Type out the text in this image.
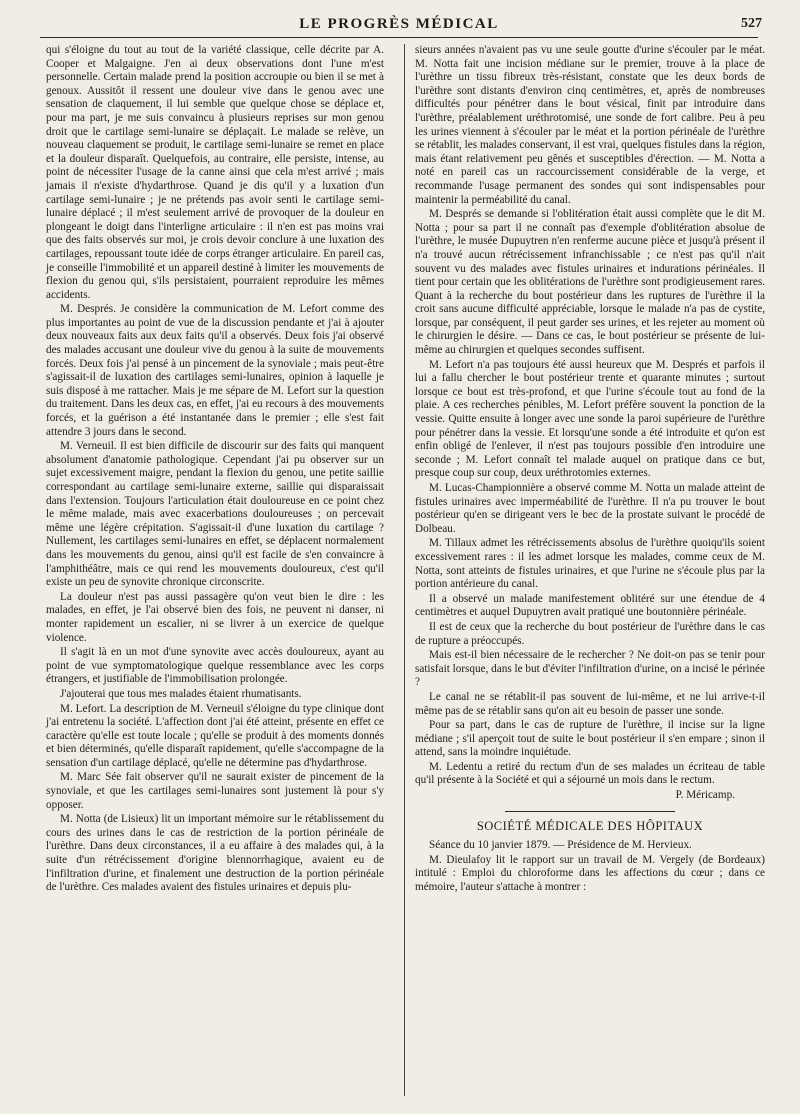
LE PROGRÈS MÉDICAL	527

qui s'éloigne du tout au tout de la variété classique, celle décrite par A. Cooper et Malgaigne. J'en ai deux observations dont l'une m'est personnelle. Certain malade prend la position accroupie ou bien il se met à genoux. Aussitôt il ressent une douleur vive dans le genou avec une sensation de claquement, il lui semble que quelque chose se déplace et, pour ma part, je me suis convaincu à plusieurs reprises sur mon genou droit que le cartilage semi-lunaire se déplaçait. Le malade se relève, un nouveau claquement se produit, le cartilage semi-lunaire se remet en place et la douleur disparaît. Quelquefois, au contraire, elle persiste, intense, au point de nécessiter l'usage de la canne ainsi que cela m'est arrivé ; mais jamais il n'existe d'hydarthrose. Quand je dis qu'il y a luxation d'un cartilage semi-lunaire ; je ne prétends pas avoir senti le cartilage semi-lunaire déplacé ; il m'est seulement arrivé de provoquer de la douleur en plongeant le doigt dans l'interligne articulaire : il n'en est pas moins vrai que des faits observés sur moi, je crois devoir conclure à une luxation des cartilages, repoussant toute idée de corps étranger articulaire. En pareil cas, je conseille l'immobilité et un appareil destiné à limiter les mouvements de flexion du genou qui, s'ils persistaient, pourraient reproduire les mêmes accidents.

M. Després. Je considère la communication de M. Lefort comme des plus importantes au point de vue de la discussion pendante et j'ai à ajouter deux nouveaux faits aux deux faits qu'il a observés. Deux fois j'ai observé des malades accusant une douleur vive du genou à la suite de mouvements forcés. Deux fois j'ai pensé à un pincement de la synoviale ; mais peut-être s'agissait-il de luxation des cartilages semi-lunaires, opinion à laquelle je suis disposé à me rattacher. Mais je me sépare de M. Lefort sur la question du traitement. Dans les deux cas, en effet, j'ai eu recours à des mouvements forcés, et la guérison a été instantanée dans le premier ; elle s'est fait attendre 3 jours dans le second.

M. Verneuil. Il est bien difficile de discourir sur des faits qui manquent absolument d'anatomie pathologique. Cependant j'ai pu observer sur un sujet excessivement maigre, pendant la flexion du genou, une petite saillie correspondant au cartilage semi-lunaire externe, saillie qui disparaissait dans l'extension. Toujours l'articulation était douloureuse en ce point chez le même malade, mais avec exacerbations douloureuses ; on percevait même une légère crépitation. S'agissait-il d'une luxation du cartilage ? Nullement, les cartilages semi-lunaires en effet, se déplacent normalement dans les mouvements du genou, ainsi qu'il est facile de s'en convaincre à l'amphithéâtre, mais ce qui rend les mouvements douloureux, c'est qu'il existe un peu de synovite chronique circonscrite.

La douleur n'est pas aussi passagère qu'on veut bien le dire : les malades, en effet, je l'ai observé bien des fois, ne peuvent ni danser, ni monter rapidement un escalier, ni se livrer à un exercice de quelque violence.

Il s'agit là en un mot d'une synovite avec accès douloureux, ayant au point de vue symptomatologique quelque ressemblance avec les corps étrangers, et justifiable de l'immobilisation prolongée.

J'ajouterai que tous mes malades étaient rhumatisants.

M. Lefort. La description de M. Verneuil s'éloigne du type clinique dont j'ai entretenu la société. L'affection dont j'ai été atteint, présente en effet ce caractère qu'elle est toute locale ; qu'elle se produit à des moments donnés et bien déterminés, qu'elle disparaît rapidement, qu'elle s'accompagne de la sensation d'un cartilage déplacé, qu'elle ne détermine pas d'hydarthrose.

M. Marc Sée fait observer qu'il ne saurait exister de pincement de la synoviale, et que les cartilages semi-lunaires sont justement là pour s'y opposer.

M. Notta (de Lisieux) lit un important mémoire sur le rétablissement du cours des urines dans le cas de restriction de la portion périnéale de l'urèthre. Dans deux circonstances, il a eu affaire à des malades qui, à la suite d'un rétrécissement d'origine blennorrhagique, avaient eu de l'infiltration d'urine, et finalement une destruction de la portion périnéale de l'urèthre. Ces malades avaient des fistules urinaires et depuis plu-

sieurs années n'avaient pas vu une seule goutte d'urine s'écouler par le méat. M. Notta fait une incision médiane sur le premier, trouve à la place de l'urèthre un tissu fibreux très-résistant, constate que les deux bords de l'urèthre sont distants d'environ cinq centimètres, et, après de nombreuses difficultés pour pénétrer dans le bout vésical, finit par introduire dans l'urèthre, préalablement uréthrotomisé, une sonde de fort calibre. Peu à peu les urines viennent à s'écouler par le méat et la portion périnéale de l'urèthre se rétablit, les malades conservant, il est vrai, quelques fistules dans la région, mais étant relativement peu gênés et susceptibles d'érection. — M. Notta a noté en pareil cas un raccourcissement considérable de la verge, et recommande l'usage permanent des sondes qui sont indispensables pour maintenir la perméabilité du canal.

M. Després se demande si l'oblitération était aussi complète que le dit M. Notta ; pour sa part il ne connaît pas d'exemple d'oblitération absolue de l'urèthre, le musée Dupuytren n'en renferme aucune pièce et jusqu'à présent il n'a trouvé aucun rétrécissement infranchissable ; ce n'est pas qu'il n'ait souvent vu des malades avec fistules urinaires et indurations périnéales. Il tient pour certain que les oblitérations de l'urèthre sont prodigieusement rares. Quant à la recherche du bout postérieur dans les ruptures de l'urèthre il la croit sans aucune difficulté appréciable, lorsque le malade n'a pas de cystite, lorsque, par conséquent, il peut garder ses urines, et les rejeter au moment où le chirurgien le désire. — Dans ce cas, le bout postérieur se présente de lui-même au chirurgien et quelques secondes suffisent.

M. Lefort n'a pas toujours été aussi heureux que M. Després et parfois il lui a fallu chercher le bout postérieur trente et quarante minutes ; surtout lorsque ce bout est très-profond, et que l'urine s'écoule tout au fond de la plaie. A ces recherches pénibles, M. Lefort préfère souvent la ponction de la vessie. Quitte ensuite à longer avec une sonde la paroi supérieure de l'urèthre pour pénétrer dans la vessie. Et lorsqu'une sonde a été introduite et qu'on est enfin obligé de l'enlever, il n'est pas toujours possible d'en introduire une seconde ; M. Lefort connaît tel malade auquel on pratique dans ce but, presque coup sur coup, deux uréthrotomies externes.

M. Lucas-Championnière a observé comme M. Notta un malade atteint de fistules urinaires avec imperméabilité de l'urèthre. Il n'a pu trouver le bout postérieur qu'en se dirigeant vers le bec de la prostate suivant le procédé de Dolbeau.

M. Tillaux admet les rétrécissements absolus de l'urèthre quoiqu'ils soient excessivement rares : il les admet lorsque les malades, comme ceux de M. Notta, sont atteints de fistules urinaires, et que l'urine ne s'écoule plus par la portion antérieure du canal.

Il a observé un malade manifestement oblitéré sur une étendue de 4 centimètres et auquel Dupuytren avait pratiqué une boutonnière périnéale.

Il est de ceux que la recherche du bout postérieur de l'urèthre dans le cas de rupture a préoccupés.

Mais est-il bien nécessaire de le rechercher ? Ne doit-on pas se tenir pour satisfait lorsque, dans le but d'éviter l'infiltration d'urine, on a incisé le périnée ?

Le canal ne se rétablit-il pas souvent de lui-même, et ne lui arrive-t-il même pas de se rétablir sans qu'on ait eu besoin de passer une sonde.

Pour sa part, dans le cas de rupture de l'urèthre, il incise sur la ligne médiane ; s'il aperçoit tout de suite le bout postérieur il s'en empare ; sinon il attend, sans la moindre inquiétude.

M. Ledentu a retiré du rectum d'un de ses malades un écriteau de table qu'il présente à la Société et qui a séjourné un mois dans le rectum.

P. Méricamp.

SOCIÉTÉ MÉDICALE DES HÔPITAUX

Séance du 10 janvier 1879. — Présidence de M. Hervieux.

M. Dieulafoy lit le rapport sur un travail de M. Vergely (de Bordeaux) intitulé : Emploi du chloroforme dans les affections du cœur ; dans ce mémoire, l'auteur s'attache à montrer :
